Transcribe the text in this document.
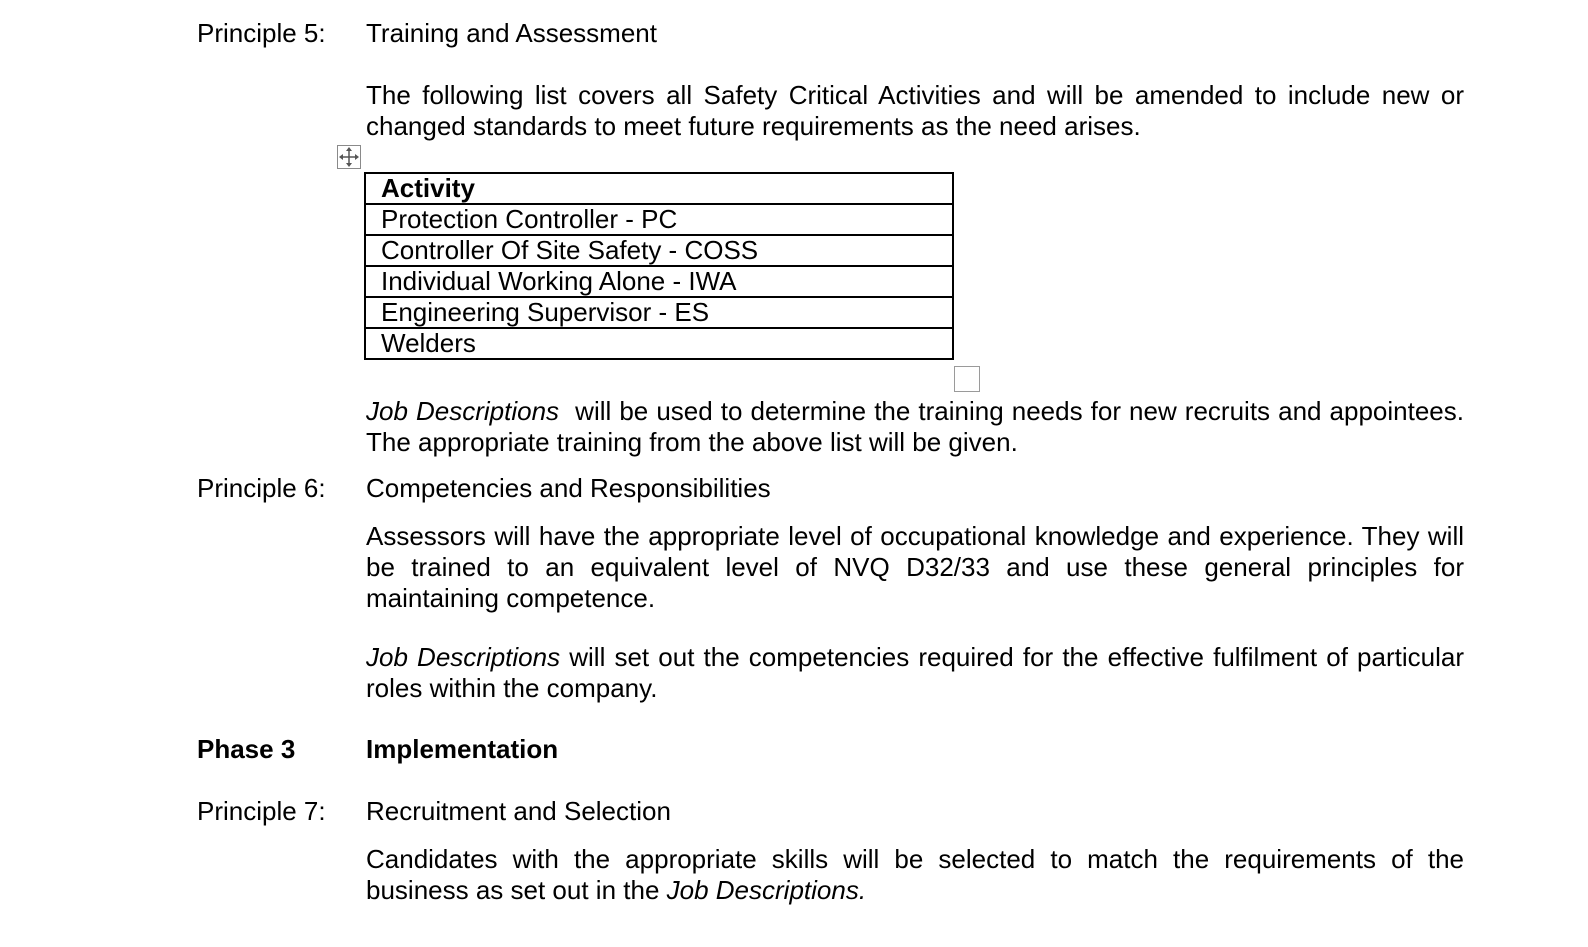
Principle 5: Training and Assessment
The following list covers all Safety Critical Activities and will be amended to include new or changed standards to meet future requirements as the need arises.
Activity
Protection Controller - PC
Controller Of Site Safety - COSS
Individual Working Alone - IWA
Engineering Supervisor - ES
Welders
Job Descriptions  will be used to determine the training needs for new recruits and appointees. The appropriate training from the above list will be given.
Principle 6: Competencies and Responsibilities
Assessors will have the appropriate level of occupational knowledge and experience. They will be trained to an equivalent level of NVQ D32/33 and use these general principles for maintaining competence.
Job Descriptions will set out the competencies required for the effective fulfilment of particular roles within the company.
Phase 3	Implementation
Principle 7: Recruitment and Selection
Candidates with the appropriate skills will be selected to match the requirements of the business as set out in the Job Descriptions.
